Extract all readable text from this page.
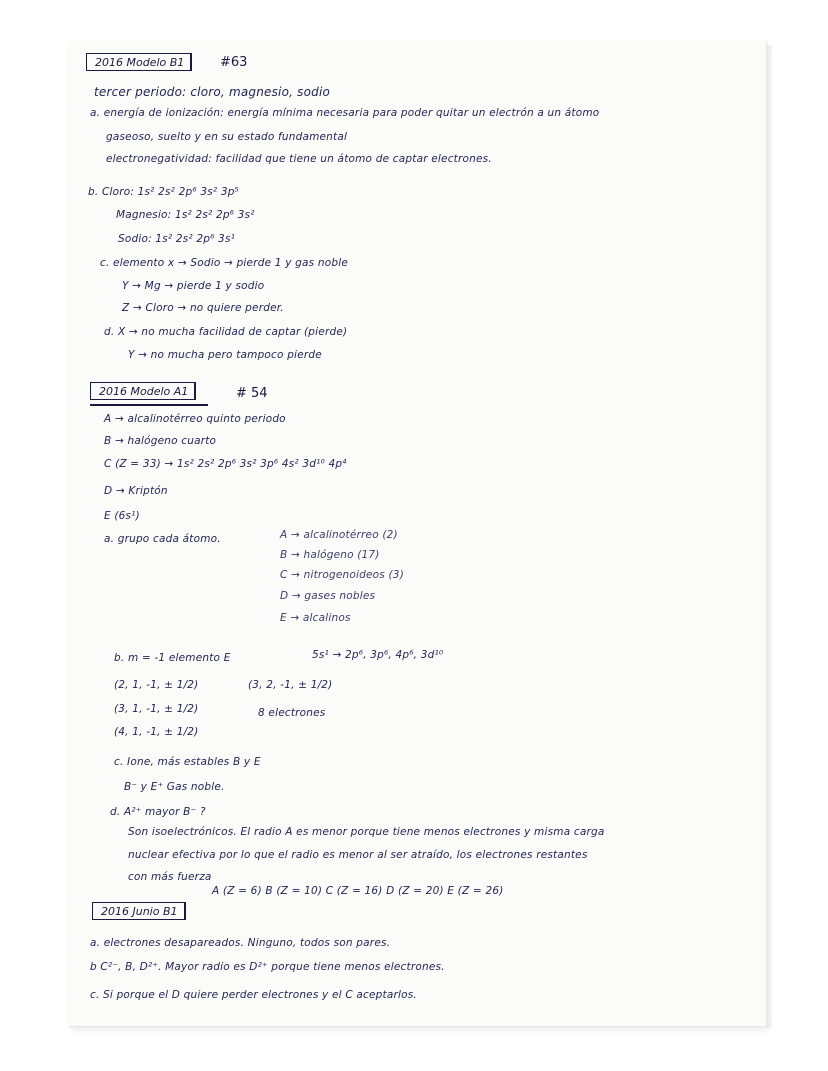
2016 Modelo B1	#63
tercer periodo: cloro, magnesio, sodio
a. energía de ionización: energía mínima necesaria para poder quitar un electrón a un átomo
gaseoso, suelto y en su estado fundamental
electronegatividad: facilidad que tiene un átomo de captar electrones.
b. Cloro: 1s² 2s² 2p⁶ 3s² 3p⁵
Magnesio: 1s² 2s² 2p⁶ 3s²
Sodio: 1s² 2s² 2p⁶ 3s¹
c. elemento x → Sodio → pierde 1 y gas noble
Y → Mg → pierde 1 y sodio
Z → Cloro → no quiere perder.
d. X → no mucha facilidad de captar (pierde)
Y → no mucha pero tampoco pierde
2016 Modelo A1	# 54
A → alcalinotérreo quinto periodo
B → halógeno cuarto
C (Z = 33) → 1s² 2s² 2p⁶ 3s² 3p⁶ 4s² 3d¹⁰ 4p⁴
D → Kriptón
E (6s¹)
a. grupo cada átomo.	A → alcalinotérreo (2)
B → halógeno (17)
C → nitrogenoideos (3)
D → gases nobles
E → alcalinos
b. m = -1 elemento E	5s¹ → 2p⁶, 3p⁶, 4p⁶, 3d¹⁰
(2, 1, -1, ± 1/2)	(3, 2, -1, ± 1/2)
(3, 1, -1, ± 1/2)	8 electrones
(4, 1, -1, ± 1/2)
c. Ione, más estables B y E
B⁻ y E⁺ Gas noble.
d. A²⁺ mayor B⁻ ?
Son isoelectrónicos. El radio A es menor porque tiene menos electrones y misma carga
nuclear efectiva por lo que el radio es menor al ser atraído, los electrones restantes
con más fuerza
2016 Junio B1
A (Z = 6) B (Z = 10) C (Z = 16) D (Z = 20) E (Z = 26)
a. electrones desapareados. Ninguno, todos son pares.
b C²⁻, B, D²⁺. Mayor radio es D²⁺ porque tiene menos electrones.
c. Si porque el D quiere perder electrones y el C aceptarlos.
